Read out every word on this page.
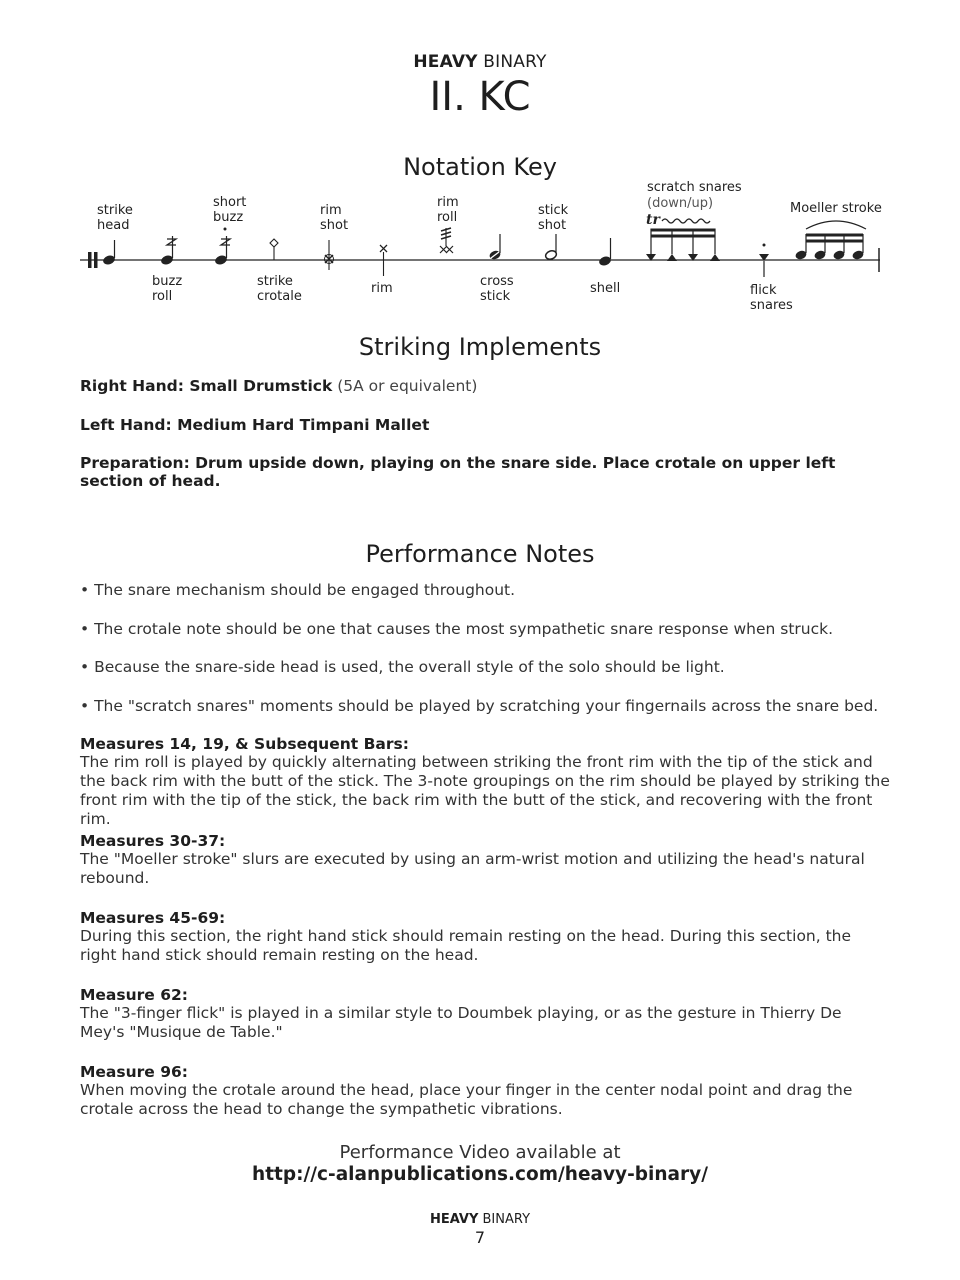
HEAVY BINARY
II. KC
Notation Key
strike head
buzz roll
short buzz
strike crotale
rim shot
rim
rim roll
cross stick
stick shot
shell
scratch snares
(down/up)
tr
flick snares
Moeller stroke
Striking Implements
Right Hand: Small Drumstick (5A or equivalent)
Left Hand: Medium Hard Timpani Mallet
Preparation: Drum upside down, playing on the snare side. Place crotale on upper left section of head.
Performance Notes
• The snare mechanism should be engaged throughout.
• The crotale note should be one that causes the most sympathetic snare response when struck.
• Because the snare-side head is used, the overall style of the solo should be light.
• The "scratch snares" moments should be played by scratching your fingernails across the snare bed.
Measures 14, 19, & Subsequent Bars:
The rim roll is played by quickly alternating between striking the front rim with the tip of the stick and the back rim with the butt of the stick. The 3-note groupings on the rim should be played by striking the front rim with the tip of the stick, the back rim with the butt of the stick, and recovering with the front rim.
Measures 30-37:
The "Moeller stroke" slurs are executed by using an arm-wrist motion and utilizing the head's natural rebound.
Measures 45-69:
During this section, the right hand stick should remain resting on the head. During this section, the right hand stick should remain resting on the head.
Measure 62:
The "3-finger flick" is played in a similar style to Doumbek playing, or as the gesture in Thierry De Mey's "Musique de Table."
Measure 96:
When moving the crotale around the head, place your finger in the center nodal point and drag the crotale across the head to change the sympathetic vibrations.
Performance Video available at
http://c-alanpublications.com/heavy-binary/
HEAVY BINARY
7
